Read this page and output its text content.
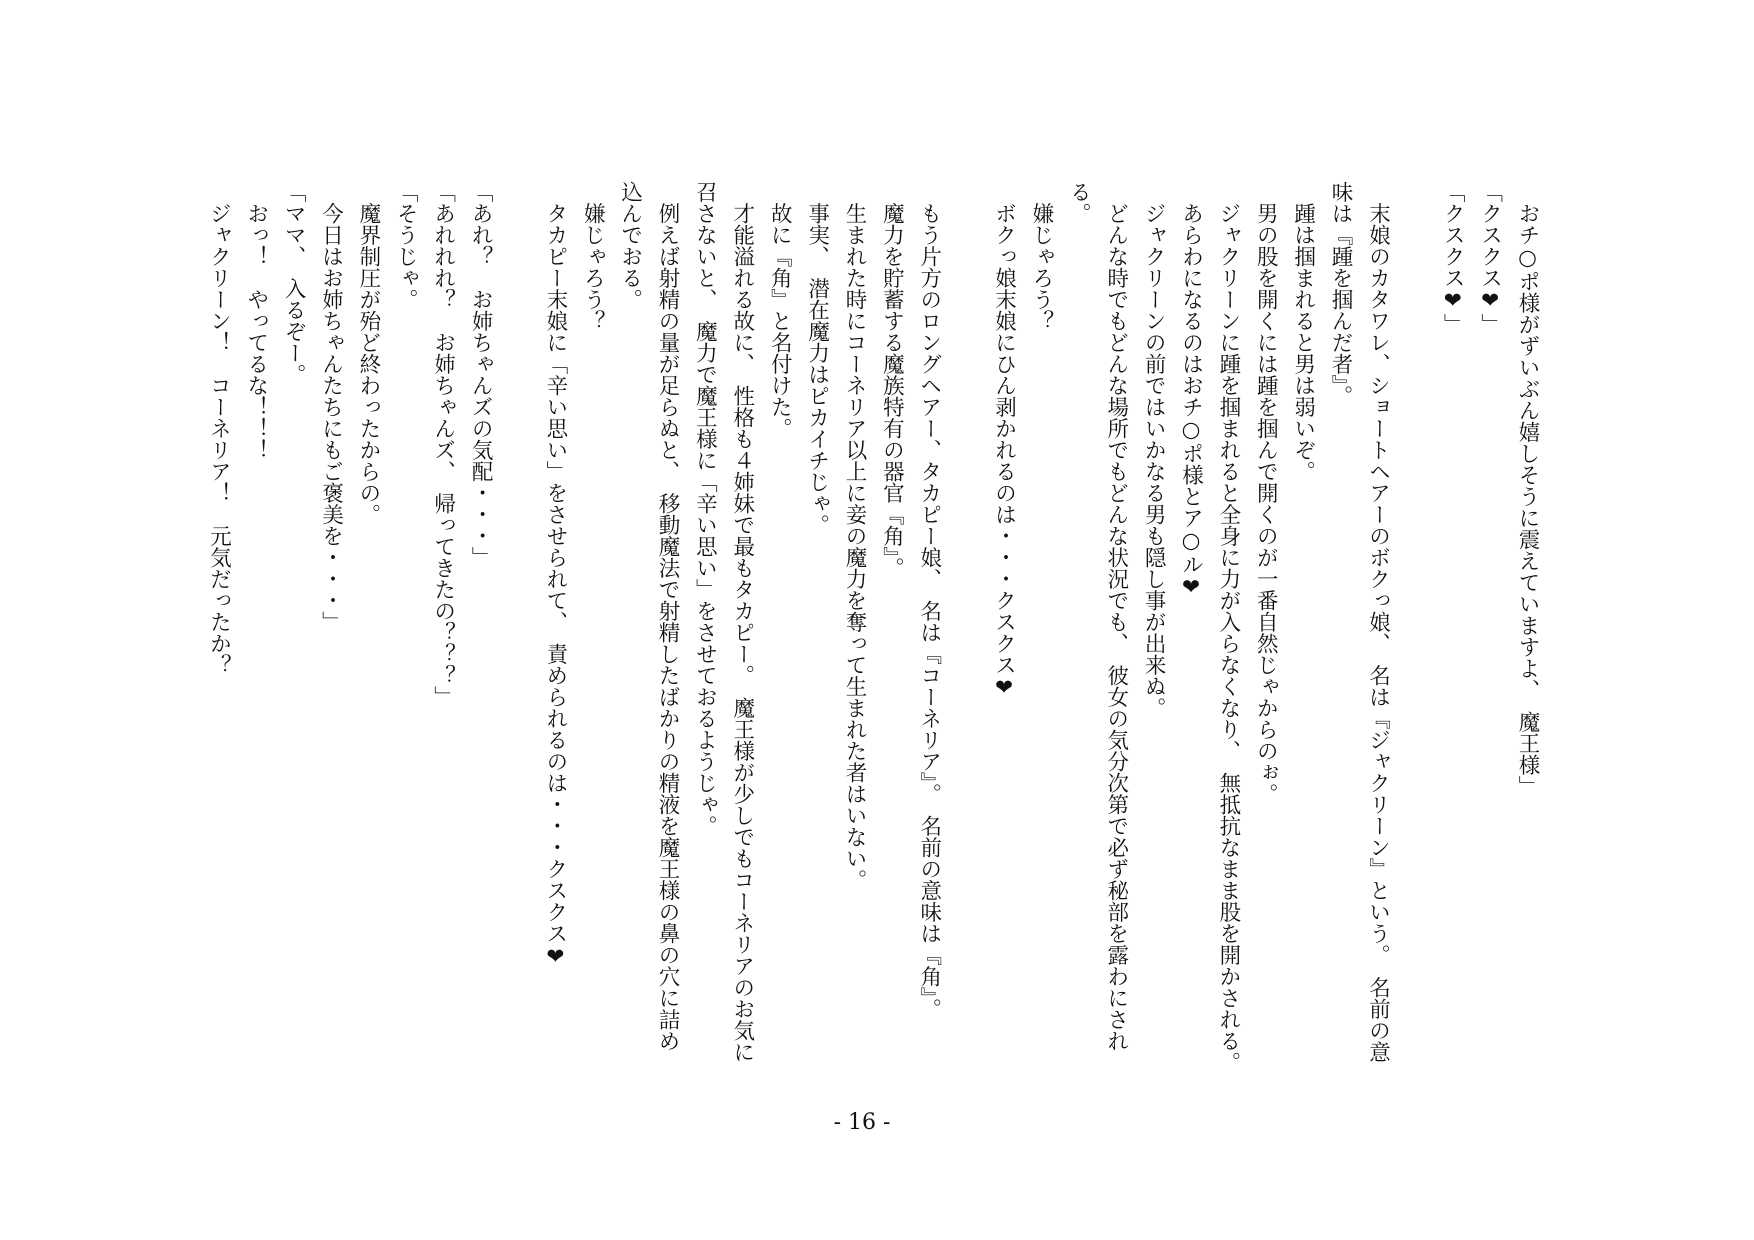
　おチ○ポ様がずいぶん嬉しそうに震えていますよ、　魔王様」
「クスクス❤︎」
「クスクス❤︎」
　末娘のカタワレ、ショートヘアーのボクっ娘、　名は『ジャクリーン』という。　名前の意
味は『踵を掴んだ者』。
　踵は掴まれると男は弱いぞ。
　男の股を開くには踵を掴んで開くのが一番自然じゃからのぉ。
　ジャクリーンに踵を掴まれると全身に力が入らなくなり、　無抵抗なまま股を開かされる。
　あらわになるのはおチ○ポ様とア○ル❤︎
　ジャクリーンの前ではいかなる男も隠し事が出来ぬ。
　どんな時でもどんな場所でもどんな状況でも、　彼女の気分次第で必ず秘部を露わにされ
る。
　嫌じゃろう？
　ボクっ娘末娘にひん剥かれるのは・・・クスクス❤︎
　もう片方のロングヘアー、タカピー娘、　名は『コーネリア』。　名前の意味は『角』。
　魔力を貯蓄する魔族特有の器官『角』。
　生まれた時にコーネリア以上に妾の魔力を奪って生まれた者はいない。
　事実、　潜在魔力はピカイチじゃ。
　故に『角』と名付けた。
　才能溢れる故に、　性格も４姉妹で最もタカピー。　魔王様が少しでもコーネリアのお気に
召さないと、　魔力で魔王様に「辛い思い」をさせておるようじゃ。
　例えば射精の量が足らぬと、　移動魔法で射精したばかりの精液を魔王様の鼻の穴に詰め
込んでおる。
　嫌じゃろう？
　タカピー末娘に「辛い思い」をさせられて、　責められるのは・・・クスクス❤︎
「あれ？　お姉ちゃんズの気配・・・」
「あれれれ？　お姉ちゃんズ、　帰ってきたの？？？」
「そうじゃ。
　魔界制圧が殆ど終わったからの。
　今日はお姉ちゃんたちにもご褒美を・・・」
「ママ、　入るぞー。
　おっ！　やってるな！！！
　ジャクリーン！　コーネリア！　元気だったか？
- 16 -
